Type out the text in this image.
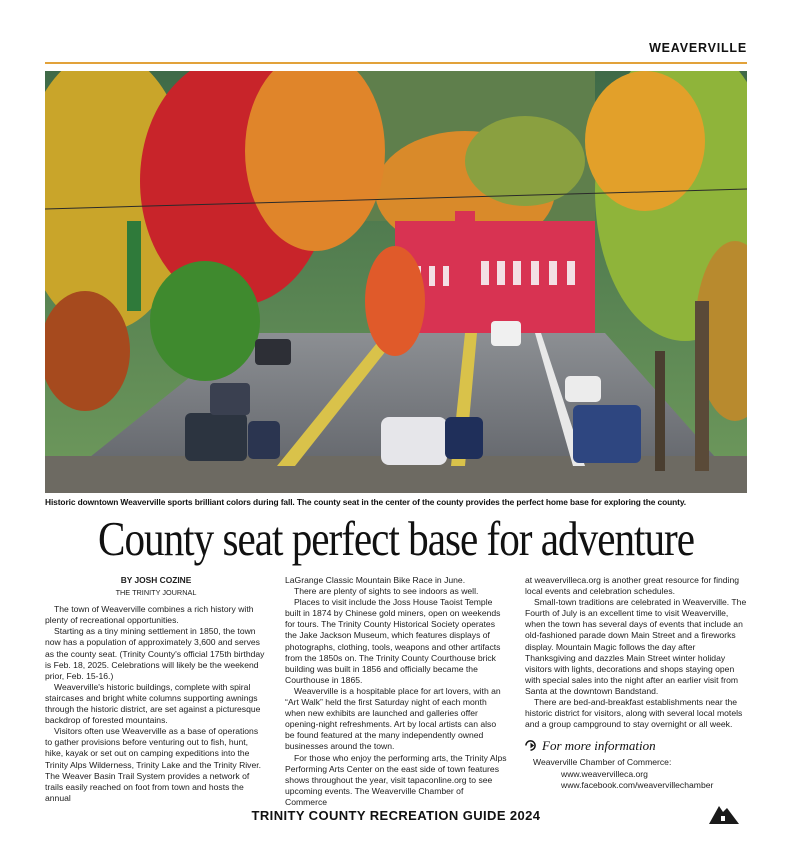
WEAVERVILLE
Historic downtown Weaverville sports brilliant colors during fall. The county seat in the center of the county provides the perfect home base for exploring the county.
County seat perfect base for adventure
BY JOSH COZINE
THE TRINITY JOURNAL

The town of Weaverville combines a rich history with plenty of recreational opportunities.

Starting as a tiny mining settlement in 1850, the town now has a population of approximately 3,600 and serves as the county seat. (Trinity County's official 175th birthday is Feb. 18, 2025. Celebrations will likely be the weekend prior, Feb. 15-16.)

Weaverville's historic buildings, complete with spiral staircases and bright white columns supporting awnings through the historic district, are set against a picturesque backdrop of forested mountains.

Visitors often use Weaverville as a base of operations to gather provisions before venturing out to fish, hunt, hike, kayak or set out on camping expeditions into the Trinity Alps Wilderness, Trinity Lake and the Trinity River. The Weaver Basin Trail System provides a network of trails easily reached on foot from town and hosts the annual

LaGrange Classic Mountain Bike Race in June.

There are plenty of sights to see indoors as well.

Places to visit include the Joss House Taoist Temple built in 1874 by Chinese gold miners, open on weekends for tours. The Trinity County Historical Society operates the Jake Jackson Museum, which features displays of photographs, clothing, tools, weapons and other artifacts from the 1850s on. The Trinity County Courthouse brick building was built in 1856 and officially became the Courthouse in 1865.

Weaverville is a hospitable place for art lovers, with an “Art Walk” held the first Saturday night of each month when new exhibits are launched and galleries offer opening-night refreshments. Art by local artists can also be found featured at the many independently owned businesses around the town.

For those who enjoy the performing arts, the Trinity Alps Performing Arts Center on the east side of town features shows throughout the year, visit tapaconline.org to see upcoming events. The Weaverville Chamber of Commerce

at weavervilleca.org is another great resource for finding local events and celebration schedules.

Small-town traditions are celebrated in Weaverville. The Fourth of July is an excellent time to visit Weaverville, when the town has several days of events that include an old-fashioned parade down Main Street and a fireworks display. Mountain Magic follows the day after Thanksgiving and dazzles Main Street winter holiday visitors with lights, decorations and shops staying open with special sales into the night after an earlier visit from Santa at the downtown Bandstand.

There are bed-and-breakfast establishments near the historic district for visitors, along with several local motels and a group campground to stay overnight or all week.

For more information
Weaverville Chamber of Commerce:
www.weavervilleca.org
www.facebook.com/weavervillechamber
TRINITY COUNTY RECREATION GUIDE 2024
